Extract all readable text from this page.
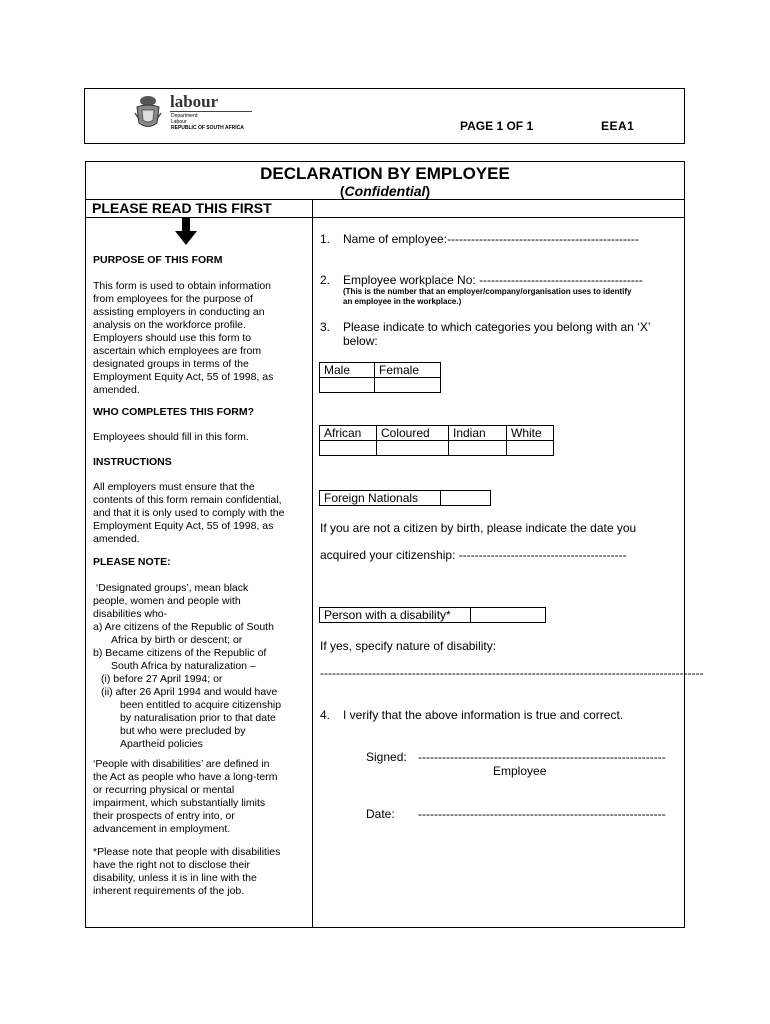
labour
Department:
Labour
REPUBLIC OF SOUTH AFRICA	PAGE 1 OF 1	EEA1
DECLARATION BY EMPLOYEE
(Confidential)
PLEASE READ THIS FIRST
PURPOSE OF THIS FORM
This form is used to obtain information
from employees for the purpose of
assisting employers in conducting an
analysis on the workforce profile.
Employers should use this form to
ascertain which employees are from
designated groups in terms of the
Employment Equity Act, 55 of 1998, as
amended.
WHO COMPLETES THIS FORM?
Employees should fill in this form.
INSTRUCTIONS
All employers must ensure that the
contents of this form remain confidential,
and that it is only used to comply with the
Employment Equity Act, 55 of 1998, as
amended.
PLEASE NOTE:
‘Designated groups’, mean black
people, women and people with
disabilities who-
a) Are citizens of the Republic of South
Africa by birth or descent; or
b) Became citizens of the Republic of
South Africa by naturalization –
(i) before 27 April 1994; or
(ii) after 26 April 1994 and would have
been entitled to acquire citizenship
by naturalisation prior to that date
but who were precluded by
Apartheid policies
‘People with disabilities’ are defined in
the Act as people who have a long-term
or recurring physical or mental
impairment, which substantially limits
their prospects of entry into, or
advancement in employment.
*Please note that people with disabilities
have the right not to disclose their
disability, unless it is in line with the
inherent requirements of the job.
1. Name of employee:------------------------------------------------
2. Employee workplace No: -----------------------------------------
(This is the number that an employer/company/organisation uses to identify
an employee in the workplace.)
3. Please indicate to which categories you belong with an ‘X’
below:
Male	Female

African	Coloured	Indian	White

Foreign Nationals	
If you are not a citizen by birth, please indicate the date you
acquired your citizenship: ------------------------------------------
Person with a disability*	
If yes, specify nature of disability:
------------------------------------------------------------------------------------------------
4. I verify that the above information is true and correct.
Signed: --------------------------------------------------------------
Employee
Date: --------------------------------------------------------------
